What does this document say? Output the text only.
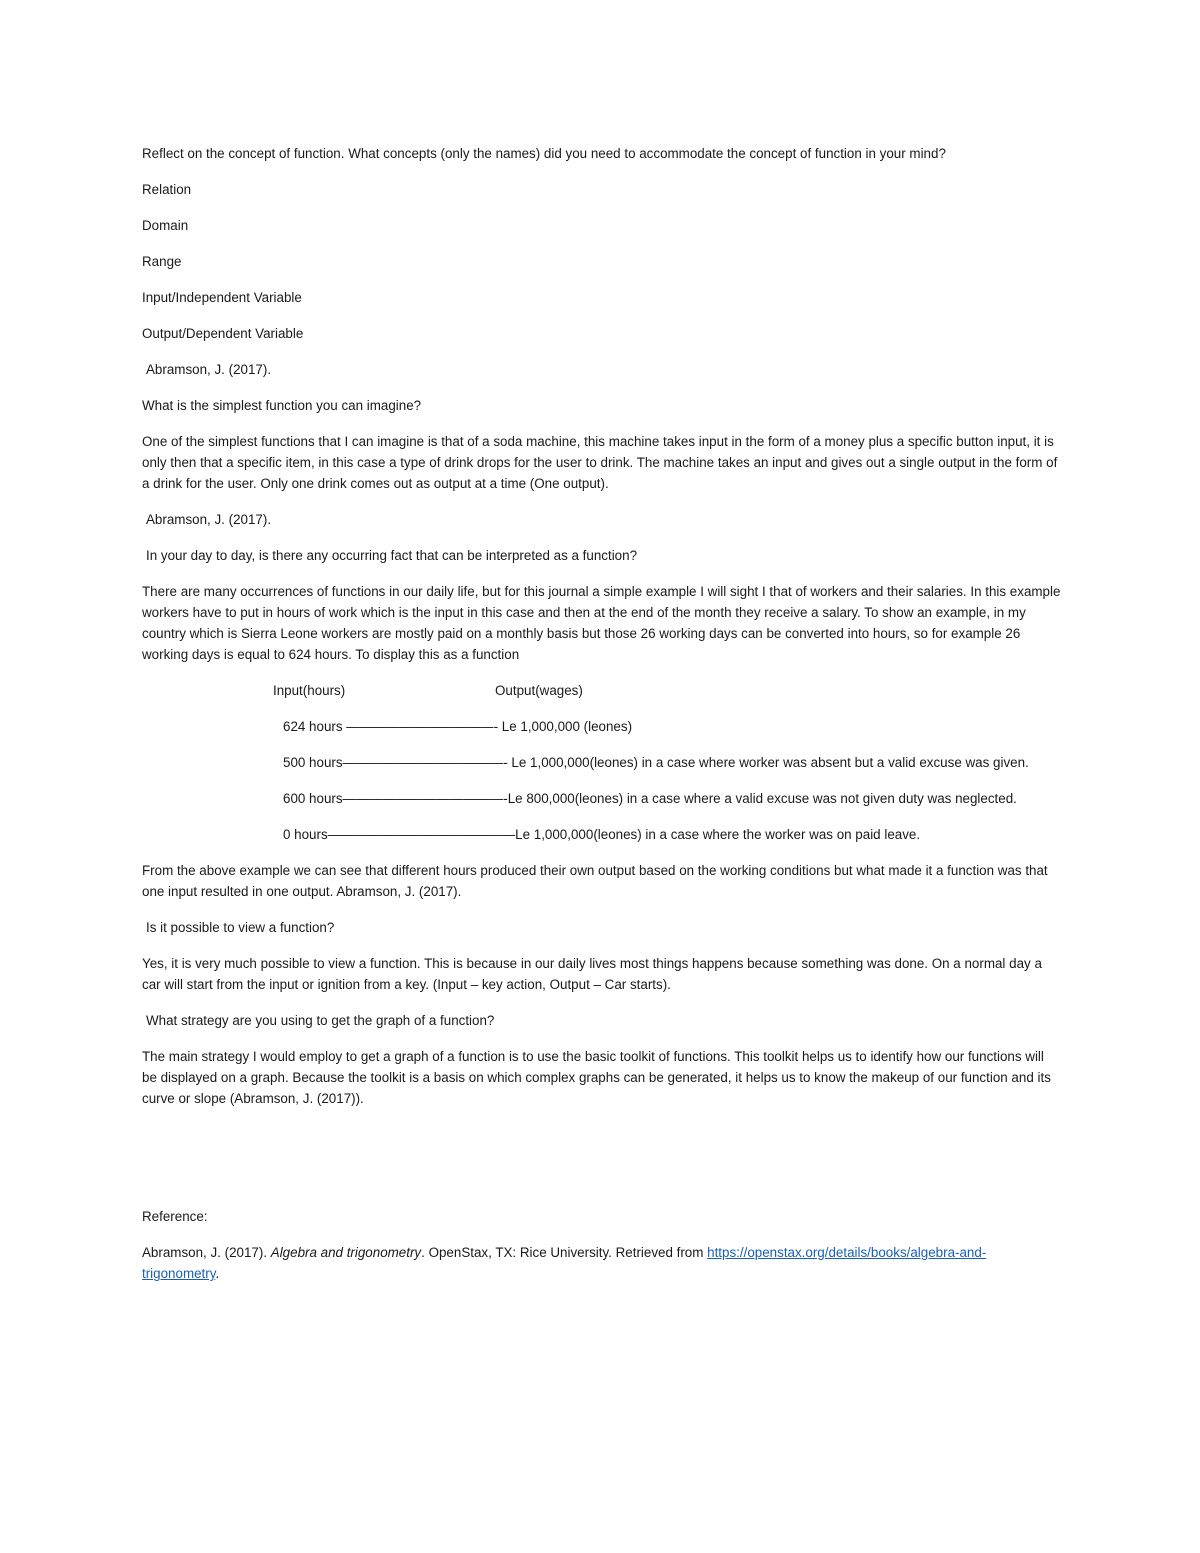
Reflect on the concept of function. What concepts (only the names) did you need to accommodate the concept of function in your mind?

Relation

Domain

Range

Input/Independent Variable

Output/Dependent Variable

Abramson, J. (2017).

What is the simplest function you can imagine?

One of the simplest functions that I can imagine is that of a soda machine, this machine takes input in the form of a money plus a specific button input, it is only then that a specific item, in this case a type of drink drops for the user to drink. The machine takes an input and gives out a single output in the form of a drink for the user. Only one drink comes out as output at a time (One output).

Abramson, J. (2017).

In your day to day, is there any occurring fact that can be interpreted as a function?

There are many occurrences of functions in our daily life, but for this journal a simple example I will sight I that of workers and their salaries. In this example workers have to put in hours of work which is the input in this case and then at the end of the month they receive a salary. To show an example, in my country which is Sierra Leone workers are mostly paid on a monthly basis but those 26 working days can be converted into hours, so for example 26 working days is equal to 624 hours. To display this as a function

Input(hours)	Output(wages)

624 hours ———————————- Le 1,000,000 (leones)

500 hours————————————- Le 1,000,000(leones) in a case where worker was absent but a valid excuse was given.

600 hours————————————-Le 800,000(leones) in a case where a valid excuse was not given duty was neglected.

0 hours——————————————Le 1,000,000(leones) in a case where the worker was on paid leave.

From the above example we can see that different hours produced their own output based on the working conditions but what made it a function was that one input resulted in one output. Abramson, J. (2017).

Is it possible to view a function?

Yes, it is very much possible to view a function. This is because in our daily lives most things happens because something was done. On a normal day a car will start from the input or ignition from a key. (Input – key action, Output – Car starts).

What strategy are you using to get the graph of a function?

The main strategy I would employ to get a graph of a function is to use the basic toolkit of functions. This toolkit helps us to identify how our functions will be displayed on a graph. Because the toolkit is a basis on which complex graphs can be generated, it helps us to know the makeup of our function and its curve or slope (Abramson, J. (2017)).

Reference:

Abramson, J. (2017). Algebra and trigonometry. OpenStax, TX: Rice University. Retrieved from https://openstax.org/details/books/algebra-and-trigonometry.
